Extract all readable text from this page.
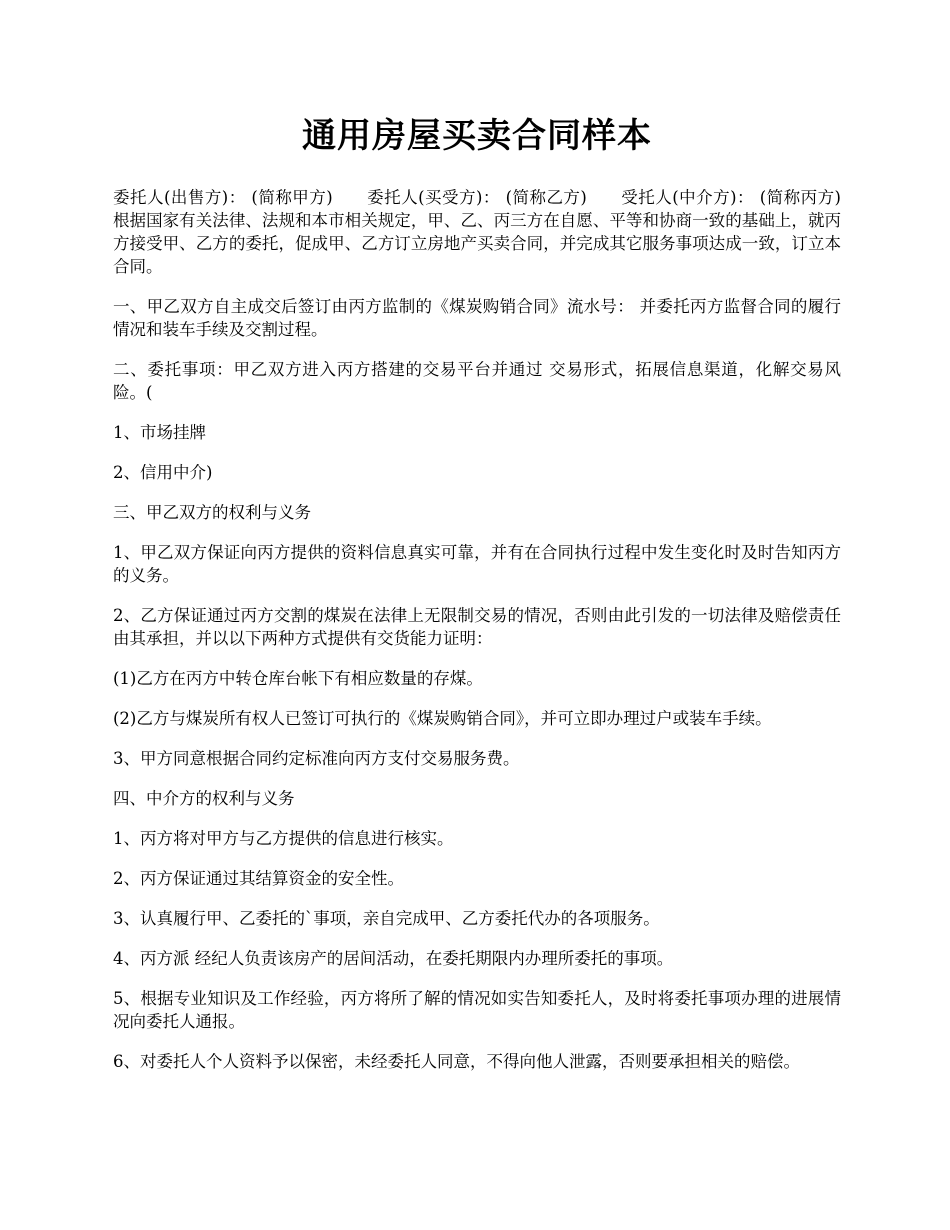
通用房屋买卖合同样本

委托人(出售方)： (简称甲方)　　委托人(买受方)： (简称乙方)　　受托人(中介方)： (简称丙方)　　根据国家有关法律、法规和本市相关规定，甲、乙、丙三方在自愿、平等和协商一致的基础上，就丙方接受甲、乙方的委托，促成甲、乙方订立房地产买卖合同，并完成其它服务事项达成一致，订立本合同。

一、甲乙双方自主成交后签订由丙方监制的《煤炭购销合同》流水号： 并委托丙方监督合同的履行情况和装车手续及交割过程。

二、委托事项：甲乙双方进入丙方搭建的交易平台并通过 交易形式，拓展信息渠道，化解交易风险。(

1、市场挂牌

2、信用中介)

三、甲乙双方的权利与义务

1、甲乙双方保证向丙方提供的资料信息真实可靠，并有在合同执行过程中发生变化时及时告知丙方的义务。

2、乙方保证通过丙方交割的煤炭在法律上无限制交易的情况，否则由此引发的一切法律及赔偿责任由其承担，并以以下两种方式提供有交货能力证明：

(1)乙方在丙方中转仓库台帐下有相应数量的存煤。

(2)乙方与煤炭所有权人已签订可执行的《煤炭购销合同》，并可立即办理过户或装车手续。

3、甲方同意根据合同约定标准向丙方支付交易服务费。

四、中介方的权利与义务

1、丙方将对甲方与乙方提供的信息进行核实。

2、丙方保证通过其结算资金的安全性。

3、认真履行甲、乙委托的`事项，亲自完成甲、乙方委托代办的各项服务。

4、丙方派 经纪人负责该房产的居间活动，在委托期限内办理所委托的事项。

5、根据专业知识及工作经验，丙方将所了解的情况如实告知委托人，及时将委托事项办理的进展情况向委托人通报。

6、对委托人个人资料予以保密，未经委托人同意，不得向他人泄露，否则要承担相关的赔偿。
